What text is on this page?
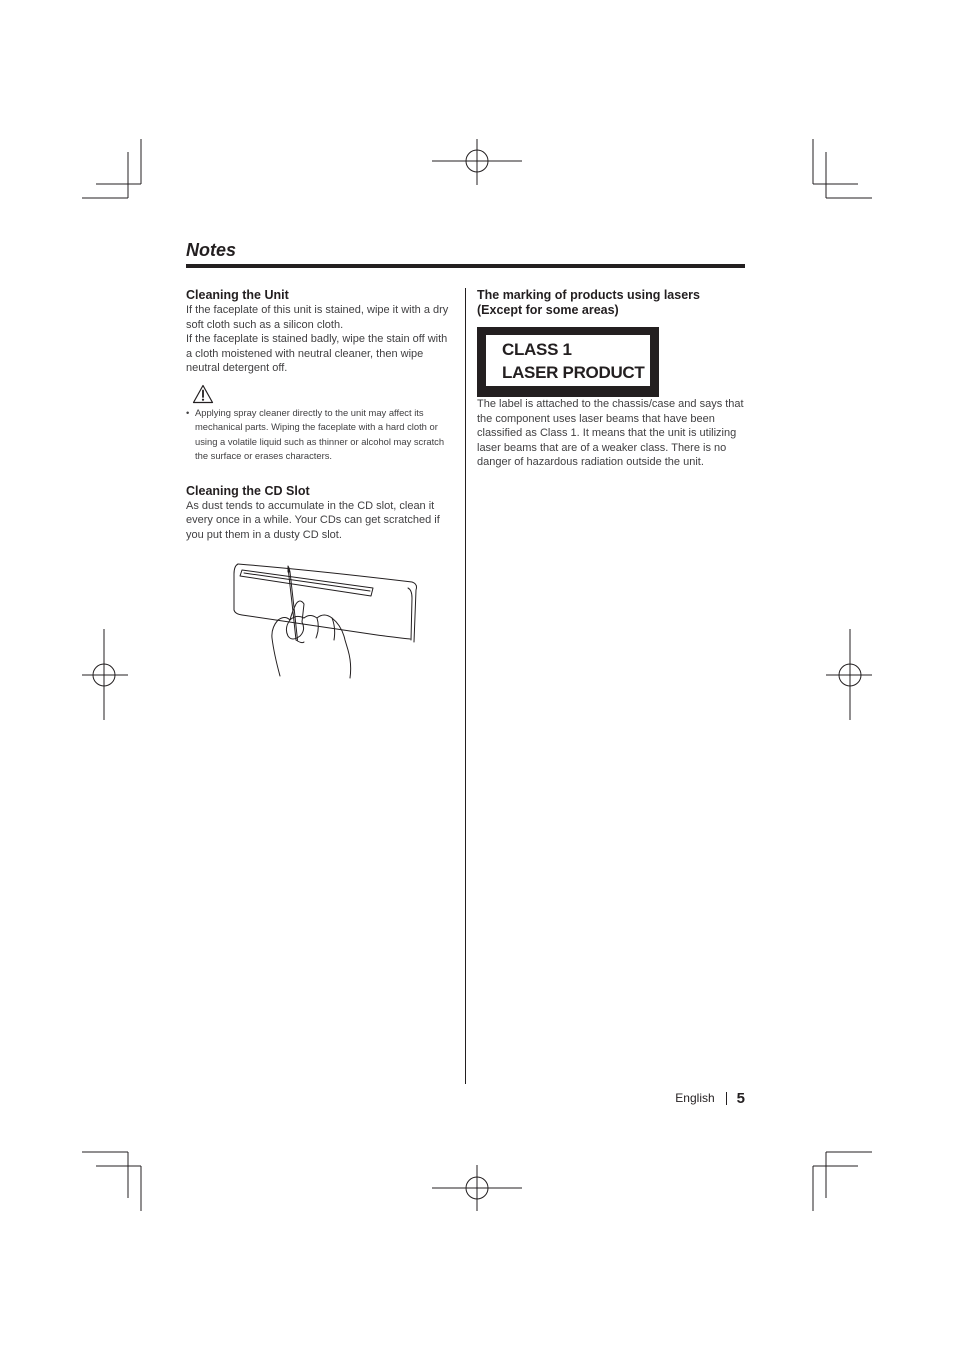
Notes
Cleaning the Unit

If the faceplate of this unit is stained, wipe it with a dry soft cloth such as a silicon cloth.

If the faceplate is stained badly, wipe the stain off with a cloth moistened with neutral cleaner, then wipe neutral detergent off.

• Applying spray cleaner directly to the unit may affect its mechanical parts. Wiping the faceplate with a hard cloth or using a volatile liquid such as thinner or alcohol may scratch the surface or erases characters.
Cleaning the CD Slot

As dust tends to accumulate in the CD slot, clean it every once in a while. Your CDs can get scratched if you put them in a dusty CD slot.

The marking of products using lasers
(Except for some areas)
CLASS 1
LASER PRODUCT

The label is attached to the chassis/case and says that the component uses laser beams that have been classified as Class 1. It means that the unit is utilizing laser beams that are of a weaker class. There is no danger of hazardous radiation outside the unit.

English 5
